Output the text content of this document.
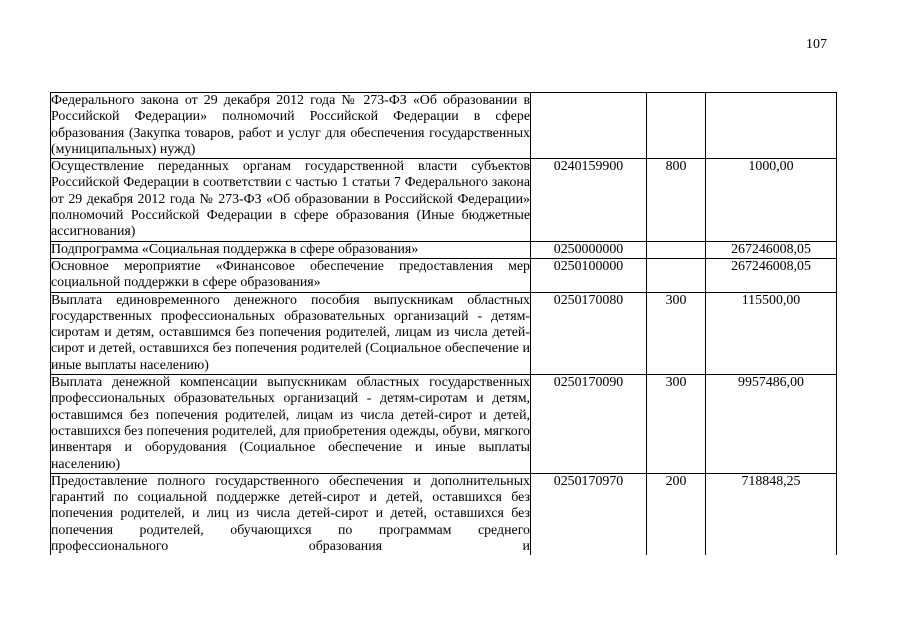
107
Федерального закона от 29 декабря 2012 года № 273-ФЗ «Об образовании в Российской Федерации» полномочий Российской Федерации в сфере образования (Закупка товаров, работ и услуг для обеспечения государственных (муниципальных) нужд)			
Осуществление переданных органам государственной власти субъектов Российской Федерации в соответствии с частью 1 статьи 7 Федерального закона от 29 декабря 2012 года № 273-ФЗ «Об образовании в Российской Федерации» полномочий Российской Федерации в сфере образования (Иные бюджетные ассигнования)	0240159900	800	1000,00
Подпрограмма «Социальная поддержка в сфере образования»	0250000000		267246008,05
Основное мероприятие «Финансовое обеспечение предоставления мер социальной поддержки в сфере образования»	0250100000		267246008,05
Выплата единовременного денежного пособия выпускникам областных государственных профессиональных образовательных организаций - детям-сиротам и детям, оставшимся без попечения родителей, лицам из числа детей-сирот и детей, оставшихся без попечения родителей (Социальное обеспечение и иные выплаты населению)	0250170080	300	115500,00
Выплата денежной компенсации выпускникам областных государственных профессиональных образовательных организаций - детям-сиротам и детям, оставшимся без попечения родителей, лицам из числа детей-сирот и детей, оставшихся без попечения родителей, для приобретения одежды, обуви, мягкого инвентаря и оборудования (Социальное обеспечение и иные выплаты населению)	0250170090	300	9957486,00
Предоставление полного государственного обеспечения и дополнительных гарантий по социальной поддержке детей-сирот и детей, оставшихся без попечения родителей, и лиц из числа детей-сирот и детей, оставшихся без попечения родителей, обучающихся по программам среднего профессионального образования и	0250170970	200	718848,25
